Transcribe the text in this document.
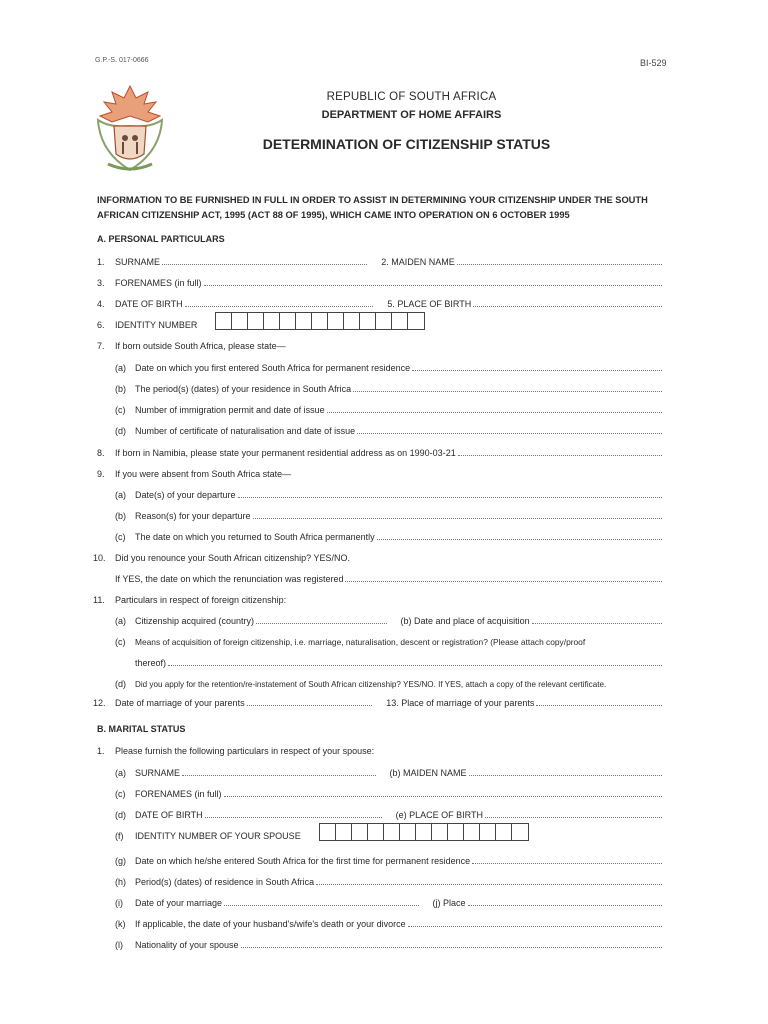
G.P.-S. 017-0666	BI-529
REPUBLIC OF SOUTH AFRICA
DEPARTMENT OF HOME AFFAIRS
DETERMINATION OF CITIZENSHIP STATUS
INFORMATION TO BE FURNISHED IN FULL IN ORDER TO ASSIST IN DETERMINING YOUR CITIZENSHIP UNDER THE SOUTH AFRICAN CITIZENSHIP ACT, 1995 (ACT 88 OF 1995), WHICH CAME INTO OPERATION ON 6 OCTOBER 1995
A. PERSONAL PARTICULARS
1.	SURNAME	2. MAIDEN NAME
3.	FORENAMES (in full)
4.	DATE OF BIRTH	5. PLACE OF BIRTH
6.	IDENTITY NUMBER
7.	If born outside South Africa, please state—
(a)	Date on which you first entered South Africa for permanent residence
(b)	The period(s) (dates) of your residence in South Africa
(c)	Number of immigration permit and date of issue
(d)	Number of certificate of naturalisation and date of issue
8.	If born in Namibia, please state your permanent residential address as on 1990-03-21
9.	If you were absent from South Africa state—
(a)	Date(s) of your departure
(b)	Reason(s) for your departure
(c)	The date on which you returned to South Africa permanently
10.	Did you renounce your South African citizenship? YES/NO.
If YES, the date on which the renunciation was registered
11.	Particulars in respect of foreign citizenship:
(a)	Citizenship acquired (country)	(b) Date and place of acquisition
(c)	Means of acquisition of foreign citizenship, i.e. marriage, naturalisation, descent or registration? (Please attach copy/proof
thereof)
(d)	Did you apply for the retention/re-instatement of South African citizenship? YES/NO. If YES, attach a copy of the relevant certificate.
12.	Date of marriage of your parents	13. Place of marriage of your parents
B. MARITAL STATUS
1.	Please furnish the following particulars in respect of your spouse:
(a)	SURNAME	(b) MAIDEN NAME
(c)	FORENAMES (in full)
(d)	DATE OF BIRTH	(e) PLACE OF BIRTH
(f)	IDENTITY NUMBER OF YOUR SPOUSE
(g)	Date on which he/she entered South Africa for the first time for permanent residence
(h)	Period(s) (dates) of residence in South Africa
(i)	Date of your marriage	(j) Place
(k)	If applicable, the date of your husband's/wife's death or your divorce
(l)	Nationality of your spouse
